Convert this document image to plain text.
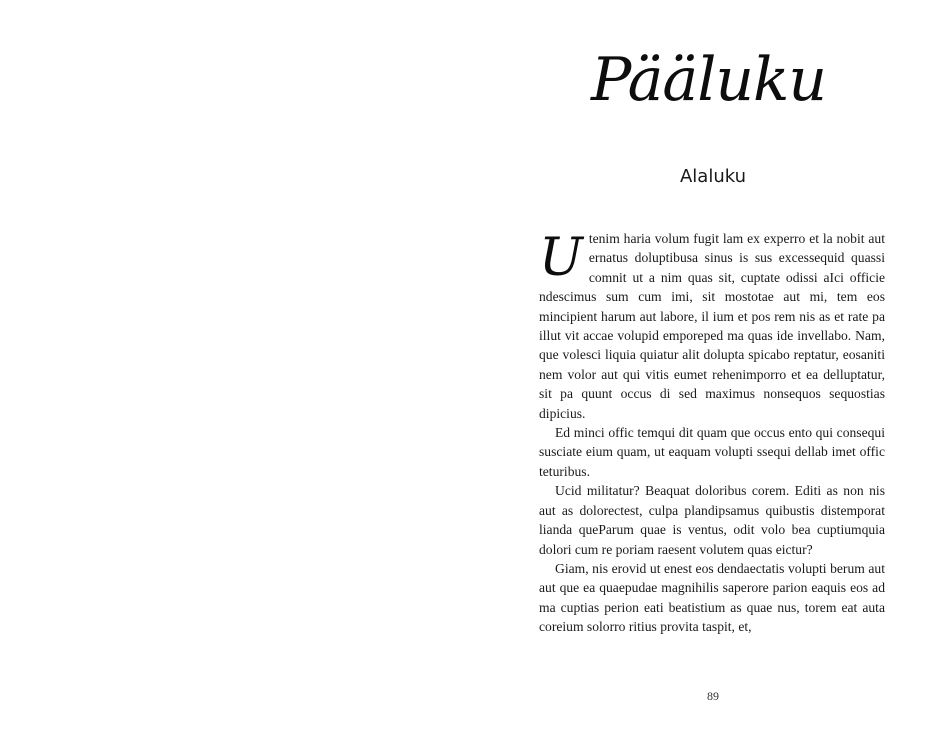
Pääluku
Alaluku

Utenim haria volum fugit lam ex experro et la nobit aut ernatus doluptibusa sinus is sus excessequid quassi comnit ut a nim quas sit, cuptate odissi aIci officie ndescimus sum cum imi, sit mostotae aut mi, tem eos mincipient harum aut labore, il ium et pos rem nis as et rate pa illut vit accae volupid emporeped ma quas ide invellabo. Nam, que volesci liquia quiatur alit dolupta spicabo reptatur, eosaniti nem volor aut qui vitis eumet rehenimporro et ea delluptatur, sit pa quunt occus di sed maximus nonsequos sequostias dipicius.

Ed minci offic temqui dit quam que occus ento qui consequi susciate eium quam, ut eaquam volupti ssequi dellab imet offic teturibus.

Ucid militatur? Beaquat doloribus corem. Editi as non nis aut as dolorectest, culpa plandipsamus quibustis distemporat lianda queParum quae is ventus, odit volo bea cuptiumquia dolori cum re poriam raesent volutem quas eictur?

Giam, nis erovid ut enest eos dendaectatis volupti berum aut aut que ea quaepudae magnihilis saperore parion eaquis eos ad ma cuptias perion eati beatistium as quae nus, torem eat auta coreium solorro ritius provita taspit, et,

89
